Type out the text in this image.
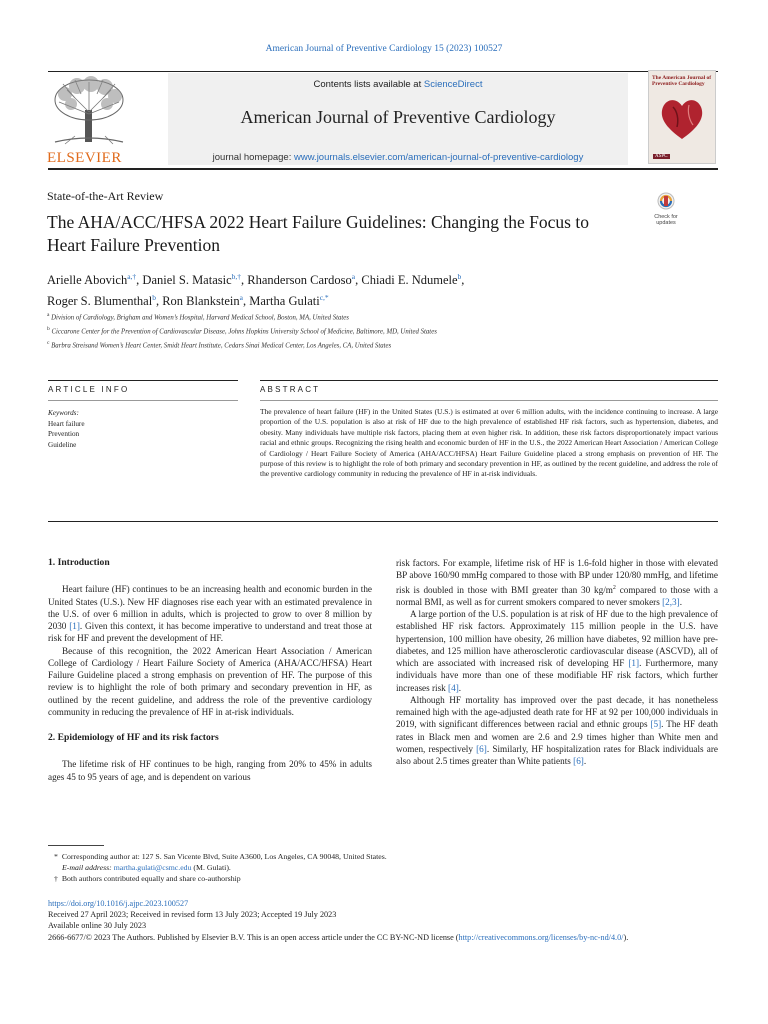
American Journal of Preventive Cardiology 15 (2023) 100527
ELSEVIER
Contents lists available at ScienceDirect
American Journal of Preventive Cardiology
journal homepage: www.journals.elsevier.com/american-journal-of-preventive-cardiology
The American Journal of Preventive Cardiology
ASPC
State-of-the-Art Review
The AHA/ACC/HFSA 2022 Heart Failure Guidelines: Changing the Focus to Heart Failure Prevention
Check for updates
Arielle Abovich$^{a,\dagger}$, Daniel S. Matasic$^{b,\dagger}$, Rhanderson Cardoso$^a$, Chiadi E. Ndumele$^b$,
Roger S. Blumenthal$^b$, Ron Blankstein$^a$, Martha Gulati$^{c,*}$
$^a$ Division of Cardiology, Brigham and Women’s Hospital, Harvard Medical School, Boston, MA, United States
$^b$ Ciccarone Center for the Prevention of Cardiovascular Disease, Johns Hopkins University School of Medicine, Baltimore, MD, United States
$^c$ Barbra Streisand Women’s Heart Center, Smidt Heart Institute, Cedars Sinai Medical Center, Los Angeles, CA, United States
ARTICLE INFO	ABSTRACT
Keywords:
Heart failure
Prevention
Guideline
The prevalence of heart failure (HF) in the United States (U.S.) is estimated at over 6 million adults, with the incidence continuing to increase. A large proportion of the U.S. population is also at risk of HF due to the high prevalence of established HF risk factors, such as hypertension, diabetes, and obesity. Many individuals have multiple risk factors, placing them at even higher risk. In addition, these risk factors disproportionately impact various racial and ethnic groups. Recognizing the rising health and economic burden of HF in the U.S., the 2022 American Heart Association / American College of Cardiology / Heart Failure Society of America (AHA/ACC/HFSA) Heart Failure Guideline placed a strong emphasis on prevention of HF. The purpose of this review is to highlight the role of both primary and secondary prevention in HF, as outlined by the recent guideline, and address the role of the preventive cardiology community in reducing the prevalence of HF in at-risk individuals.
1. Introduction

Heart failure (HF) continues to be an increasing health and economic burden in the United States (U.S.). New HF diagnoses rise each year with an estimated prevalence in the U.S. of over 6 million in adults, which is projected to grow to over 8 million by 2030 [1]. Given this context, it has become imperative to understand and treat those at risk for HF and prevent the development of HF.

Because of this recognition, the 2022 American Heart Association / American College of Cardiology / Heart Failure Society of America (AHA/ACC/HFSA) Heart Failure Guideline placed a strong emphasis on prevention of HF. The purpose of this review is to highlight the role of both primary and secondary prevention in HF, as outlined by the recent guideline, and address the role of the preventive cardiology community in reducing the prevalence of HF in at-risk individuals.

2. Epidemiology of HF and its risk factors

The lifetime risk of HF continues to be high, ranging from 20% to 45% in adults ages 45 to 95 years of age, and is dependent on various

risk factors. For example, lifetime risk of HF is 1.6-fold higher in those with elevated BP above 160/90 mmHg compared to those with BP under 120/80 mmHg, and lifetime risk is doubled in those with BMI greater than 30 $kg/m^2$ compared to those with a normal BMI, as well as for current smokers compared to never smokers [2,3].

A large portion of the U.S. population is at risk of HF due to the high prevalence of established HF risk factors. Approximately 115 million people in the U.S. have hypertension, 100 million have obesity, 26 million have diabetes, 92 million have pre-diabetes, and 125 million have atherosclerotic cardiovascular disease (ASCVD), all of which are associated with increased risk of developing HF [1]. Furthermore, many individuals have more than one of these modifiable HF risk factors, which further increases risk [4].

Although HF mortality has improved over the past decade, it has nonetheless remained high with the age-adjusted death rate for HF at 92 per 100,000 individuals in 2019, with significant differences between racial and ethnic groups [5]. The HF death rates in Black men and women are 2.6 and 2.9 times higher than White men and women, respectively [6]. Similarly, HF hospitalization rates for Black individuals are also about 2.5 times greater than White patients [6].

* Corresponding author at: 127 S. San Vicente Blvd, Suite A3600, Los Angeles, CA 90048, United States.
E-mail address: martha.gulati@csmc.edu (M. Gulati).
† Both authors contributed equally and share co-authorship
https://doi.org/10.1016/j.ajpc.2023.100527
Received 27 April 2023; Received in revised form 13 July 2023; Accepted 19 July 2023
Available online 30 July 2023
2666-6677/© 2023 The Authors. Published by Elsevier B.V. This is an open access article under the CC BY-NC-ND license (http://creativecommons.org/licenses/by-nc-nd/4.0/).
